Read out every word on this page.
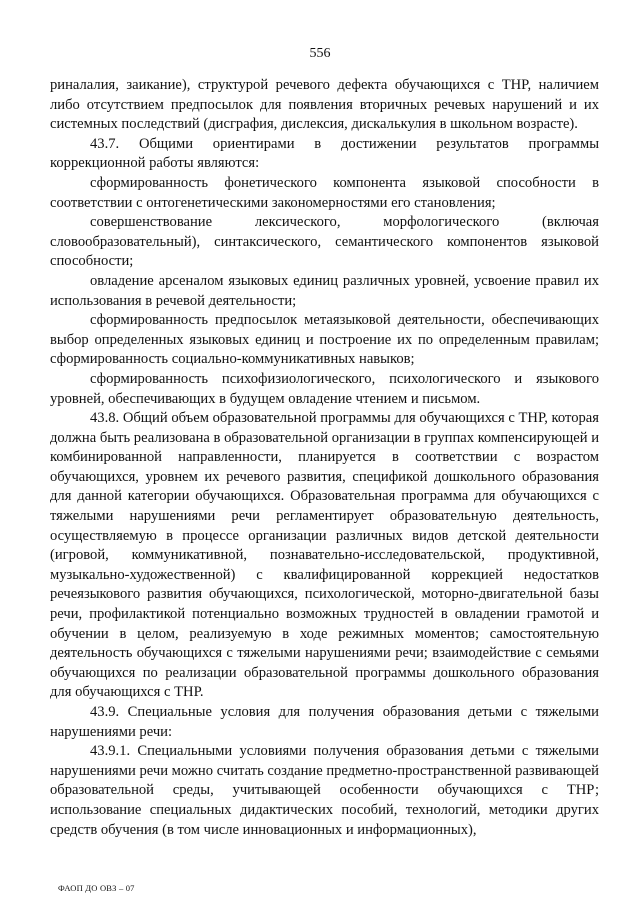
556

риналалия, заикание), структурой речевого дефекта обучающихся с ТНР, наличием либо отсутствием предпосылок для появления вторичных речевых нарушений и их системных последствий (дисграфия, дислексия, дискалькулия в школьном возрасте).

43.7. Общими ориентирами в достижении результатов программы коррекционной работы являются:

сформированность фонетического компонента языковой способности в соответствии с онтогенетическими закономерностями его становления;

совершенствование лексического, морфологического (включая словообразовательный), синтаксического, семантического компонентов языковой способности;

овладение арсеналом языковых единиц различных уровней, усвоение правил их использования в речевой деятельности;

сформированность предпосылок метаязыковой деятельности, обеспечивающих выбор определенных языковых единиц и построение их по определенным правилам; сформированность социально-коммуникативных навыков;

сформированность психофизиологического, психологического и языкового уровней, обеспечивающих в будущем овладение чтением и письмом.

43.8. Общий объем образовательной программы для обучающихся с ТНР, которая должна быть реализована в образовательной организации в группах компенсирующей и комбинированной направленности, планируется в соответствии с возрастом обучающихся, уровнем их речевого развития, спецификой дошкольного образования для данной категории обучающихся. Образовательная программа для обучающихся с тяжелыми нарушениями речи регламентирует образовательную деятельность, осуществляемую в процессе организации различных видов детской деятельности (игровой, коммуникативной, познавательно-исследовательской, продуктивной, музыкально-художественной) с квалифицированной коррекцией недостатков речеязыкового развития обучающихся, психологической, моторно-двигательной базы речи, профилактикой потенциально возможных трудностей в овладении грамотой и обучении в целом, реализуемую в ходе режимных моментов; самостоятельную деятельность обучающихся с тяжелыми нарушениями речи; взаимодействие с семьями обучающихся по реализации образовательной программы дошкольного образования для обучающихся с ТНР.

43.9. Специальные условия для получения образования детьми с тяжелыми нарушениями речи:

43.9.1. Специальными условиями получения образования детьми с тяжелыми нарушениями речи можно считать создание предметно-пространственной развивающей образовательной среды, учитывающей особенности обучающихся с ТНР; использование специальных дидактических пособий, технологий, методики других средств обучения (в том числе инновационных и информационных),

ФАОП ДО ОВЗ – 07
